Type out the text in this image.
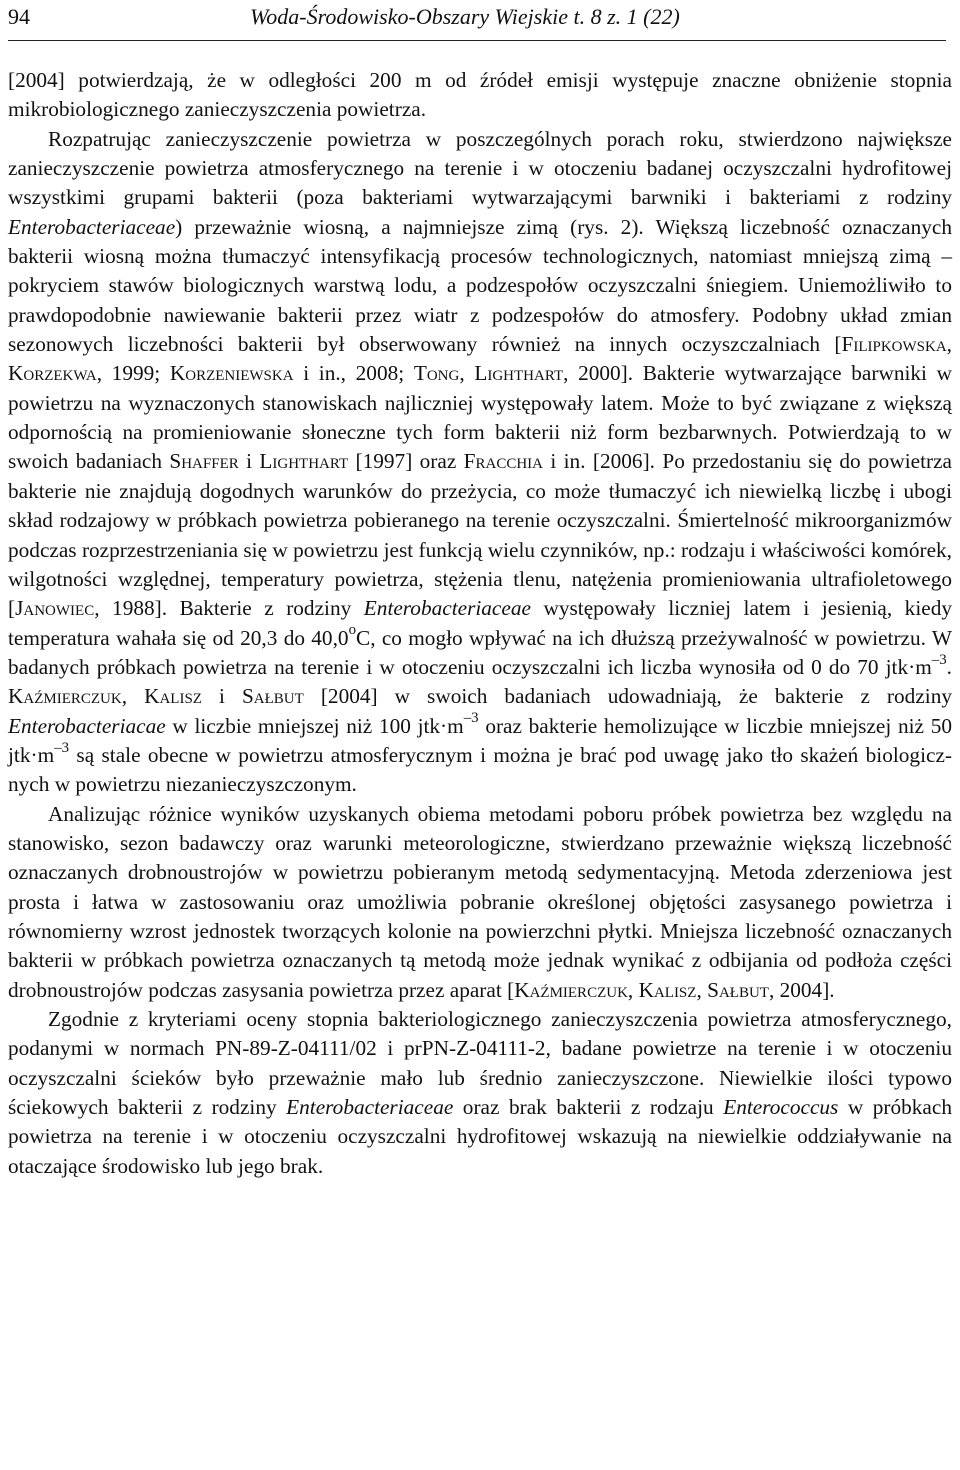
94	Woda-Środowisko-Obszary Wiejskie t. 8 z. 1 (22)

[2004] potwierdzają, że w odległości 200 m od źródeł emisji występuje znaczne obniżenie stopnia mikrobiologicznego zanieczyszczenia powietrza.

Rozpatrując zanieczyszczenie powietrza w poszczególnych porach roku, stwierdzono największe zanieczyszczenie powietrza atmosferycznego na terenie i w otoczeniu badanej oczyszczalni hydrofitowej wszystkimi grupami bakterii (poza bakteriami wytwarzającymi barwniki i bakteriami z rodziny Enterobacteriaceae) przeważnie wiosną, a najmniejsze zimą (rys. 2). Większą liczebność oznaczanych bakterii wiosną można tłumaczyć intensyfikacją procesów technologicznych, natomiast mniejszą zimą – pokryciem stawów biologicznych warstwą lodu, a podzespołów oczyszczalni śniegiem. Uniemożliwiło to prawdopodobnie nawiewanie bakterii przez wiatr z podzespołów do atmosfery. Podobny układ zmian sezonowych liczebności bakterii był obserwowany również na innych oczyszczalniach [Filipkowska, Korzekwa, 1999; Korzeniewska i in., 2008; Tong, Lighthart, 2000]. Bakterie wytwarzające barwniki w powietrzu na wyznaczonych stanowiskach najliczniej występowały latem. Może to być związane z większą odpornością na promieniowanie słoneczne tych form bakterii niż form bezbarwnych. Potwierdzają to w swoich badaniach Shaffer i Lighthart [1997] oraz Fracchia i in. [2006]. Po przedostaniu się do powietrza bakterie nie znajdują dogodnych warunków do przeżycia, co może tłumaczyć ich niewielką liczbę i ubogi skład rodzajowy w próbkach powietrza pobieranego na terenie oczyszczalni. Śmiertelność mikroorganizmów podczas rozprzestrzeniania się w powietrzu jest funkcją wielu czynników, np.: rodzaju i właściwości komórek, wilgotności względnej, temperatury powietrza, stężenia tlenu, natężenia promieniowania ultrafioletowego [Janowiec, 1988]. Bakterie z rodziny Enterobacteriaceae występowały liczniej latem i jesienią, kiedy temperatura wahała się od 20,3 do 40,0$^o$C, co mogło wpływać na ich dłuższą przeżywalność w powietrzu. W badanych próbkach powietrza na terenie i w otoczeniu oczyszczalni ich liczba wynosiła od 0 do 70 $jtk\cdot m^{-3}$. Kaźmierczuk, Kalisz i Sałbut [2004] w swoich badaniach udowadniają, że bakterie z rodziny Enterobacteriacae w liczbie mniejszej niż 100 $jtk\cdot m^{-3}$ oraz bakterie hemolizujące w liczbie mniejszej niż 50 $jtk\cdot m^{-3}$ są stale obecne w powietrzu atmosferycznym i można je brać pod uwagę jako tło skażeń biologicznych w powietrzu niezanieczyszczonym.

Analizując różnice wyników uzyskanych obiema metodami poboru próbek powietrza bez względu na stanowisko, sezon badawczy oraz warunki meteorologiczne, stwierdzano przeważnie większą liczebność oznaczanych drobnoustrojów w powietrzu pobieranym metodą sedymentacyjną. Metoda zderzeniowa jest prosta i łatwa w zastosowaniu oraz umożliwia pobranie określonej objętości zasysanego powietrza i równomierny wzrost jednostek tworzących kolonie na powierzchni płytki. Mniejsza liczebność oznaczanych bakterii w próbkach powietrza oznaczanych tą metodą może jednak wynikać z odbijania od podłoża części drobnoustrojów podczas zasysania powietrza przez aparat [Kaźmierczuk, Kalisz, Sałbut, 2004].

Zgodnie z kryteriami oceny stopnia bakteriologicznego zanieczyszczenia powietrza atmosferycznego, podanymi w normach PN-89-Z-04111/02 i prPN-Z-04111-2, badane powietrze na terenie i w otoczeniu oczyszczalni ścieków było przeważnie mało lub średnio zanieczyszczone. Niewielkie ilości typowo ściekowych bakterii z rodziny Enterobacteriaceae oraz brak bakterii z rodzaju Enterococcus w próbkach powietrza na terenie i w otoczeniu oczyszczalni hydrofitowej wskazują na niewielkie oddziaływanie na otaczające środowisko lub jego brak.
